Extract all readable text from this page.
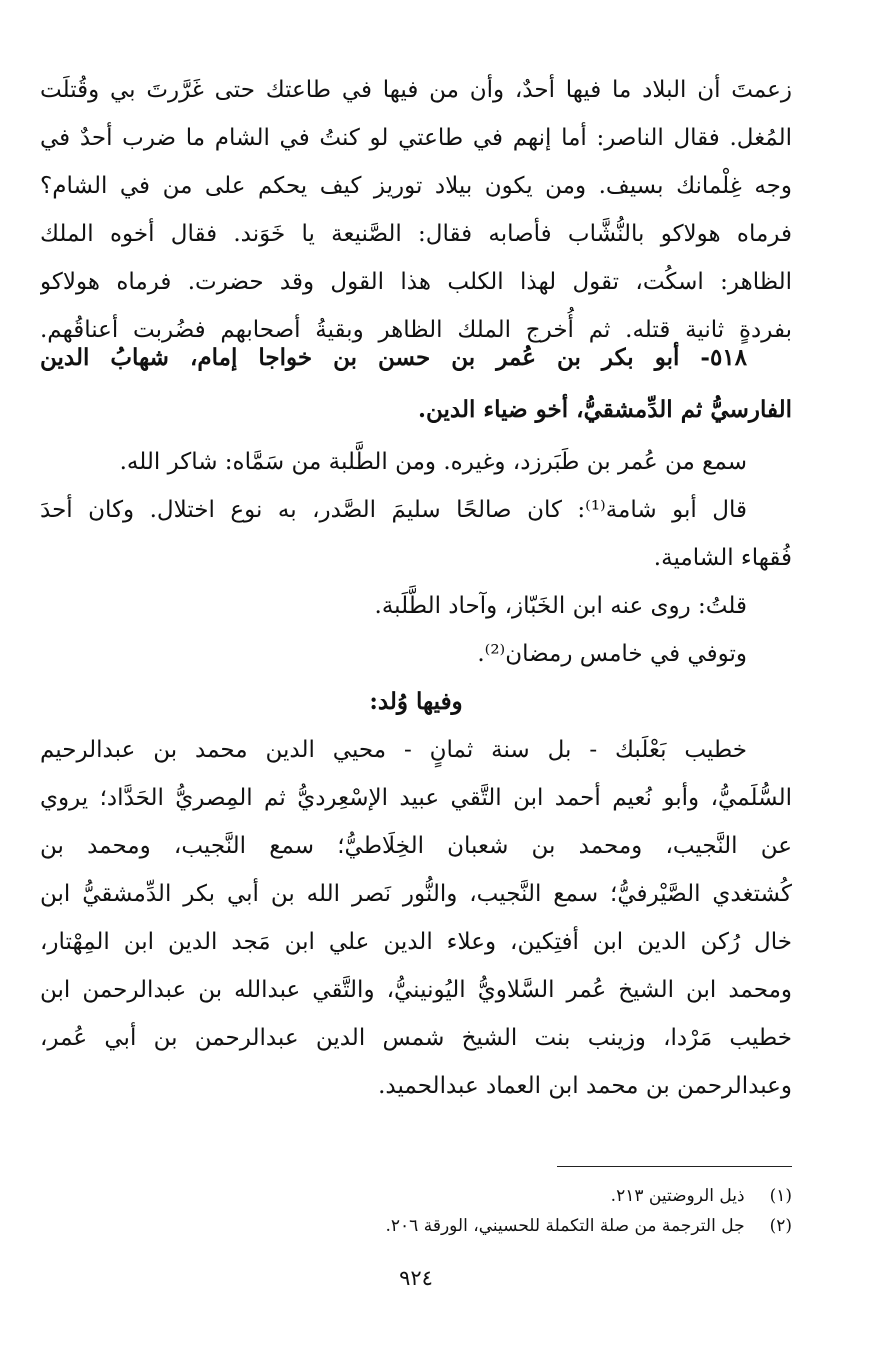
زعمتَ أن البلاد ما فيها أحدٌ، وأن من فيها في طاعتك حتى غَرَّرتَ بي وقُتلَت
المُغل. فقال الناصر: أما إنهم في طاعتي لو كنتُ في الشام ما ضرب أحدٌ في
وجه غِلْمانك بسيف. ومن يكون بيلاد توريز كيف يحكم على من في الشام؟
فرماه هولاكو بالنُّشَّاب فأصابه فقال: الصَّنيعة يا خَوَند. فقال أخوه الملك
الظاهر: اسكُت، تقول لهذا الكلب هذا القول وقد حضرت. فرماه هولاكو
بفردةٍ ثانية قتله. ثم أُخرج الملك الظاهر وبقيةُ أصحابهم فضُربت أعناقُهم.
٥١٨- أبو بكر بن عُمر بن حسن بن خواجا إمام، شهابُ الدين
الفارسيُّ ثم الدِّمشقيُّ، أخو ضياء الدين.
سمع من عُمر بن طَبَرزد، وغيره. ومن الطَّلبة من سَمَّاه: شاكر الله.
قال أبو شامة⁽¹⁾: كان صالحًا سليمَ الصَّدر، به نوع اختلال. وكان أحدَ
فُقهاء الشامية.
قلتُ: روى عنه ابن الخَبّاز، وآحاد الطَّلَبة.
وتوفي في خامس رمضان⁽²⁾.
وفيها وُلد:
خطيب بَعْلَبك - بل سنة ثمانٍ - محيي الدين محمد بن عبدالرحيم
السُّلَميُّ، وأبو نُعيم أحمد ابن التَّقي عبيد الإسْعِرديُّ ثم المِصريُّ الحَدَّاد؛ يروي
عن النَّجيب، ومحمد بن شعبان الخِلَاطيُّ؛ سمع النَّجيب، ومحمد بن
كُشتغدي الصَّيْرفيُّ؛ سمع النَّجيب، والنُّور نَصر الله بن أبي بكر الدِّمشقيُّ ابن
خال رُكن الدين ابن أفتِكين، وعلاء الدين علي ابن مَجد الدين ابن المِهْتار،
ومحمد ابن الشيخ عُمر السَّلاويُّ اليُونينيُّ، والتَّقي عبدالله بن عبدالرحمن ابن
خطيب مَرْدا، وزينب بنت الشيخ شمس الدين عبدالرحمن بن أبي عُمر،
وعبدالرحمن بن محمد ابن العماد عبدالحميد.
(١) ذيل الروضتين ٢١٣.
(٢) جل الترجمة من صلة التكملة للحسيني، الورقة ٢٠٦.
٩٢٤
